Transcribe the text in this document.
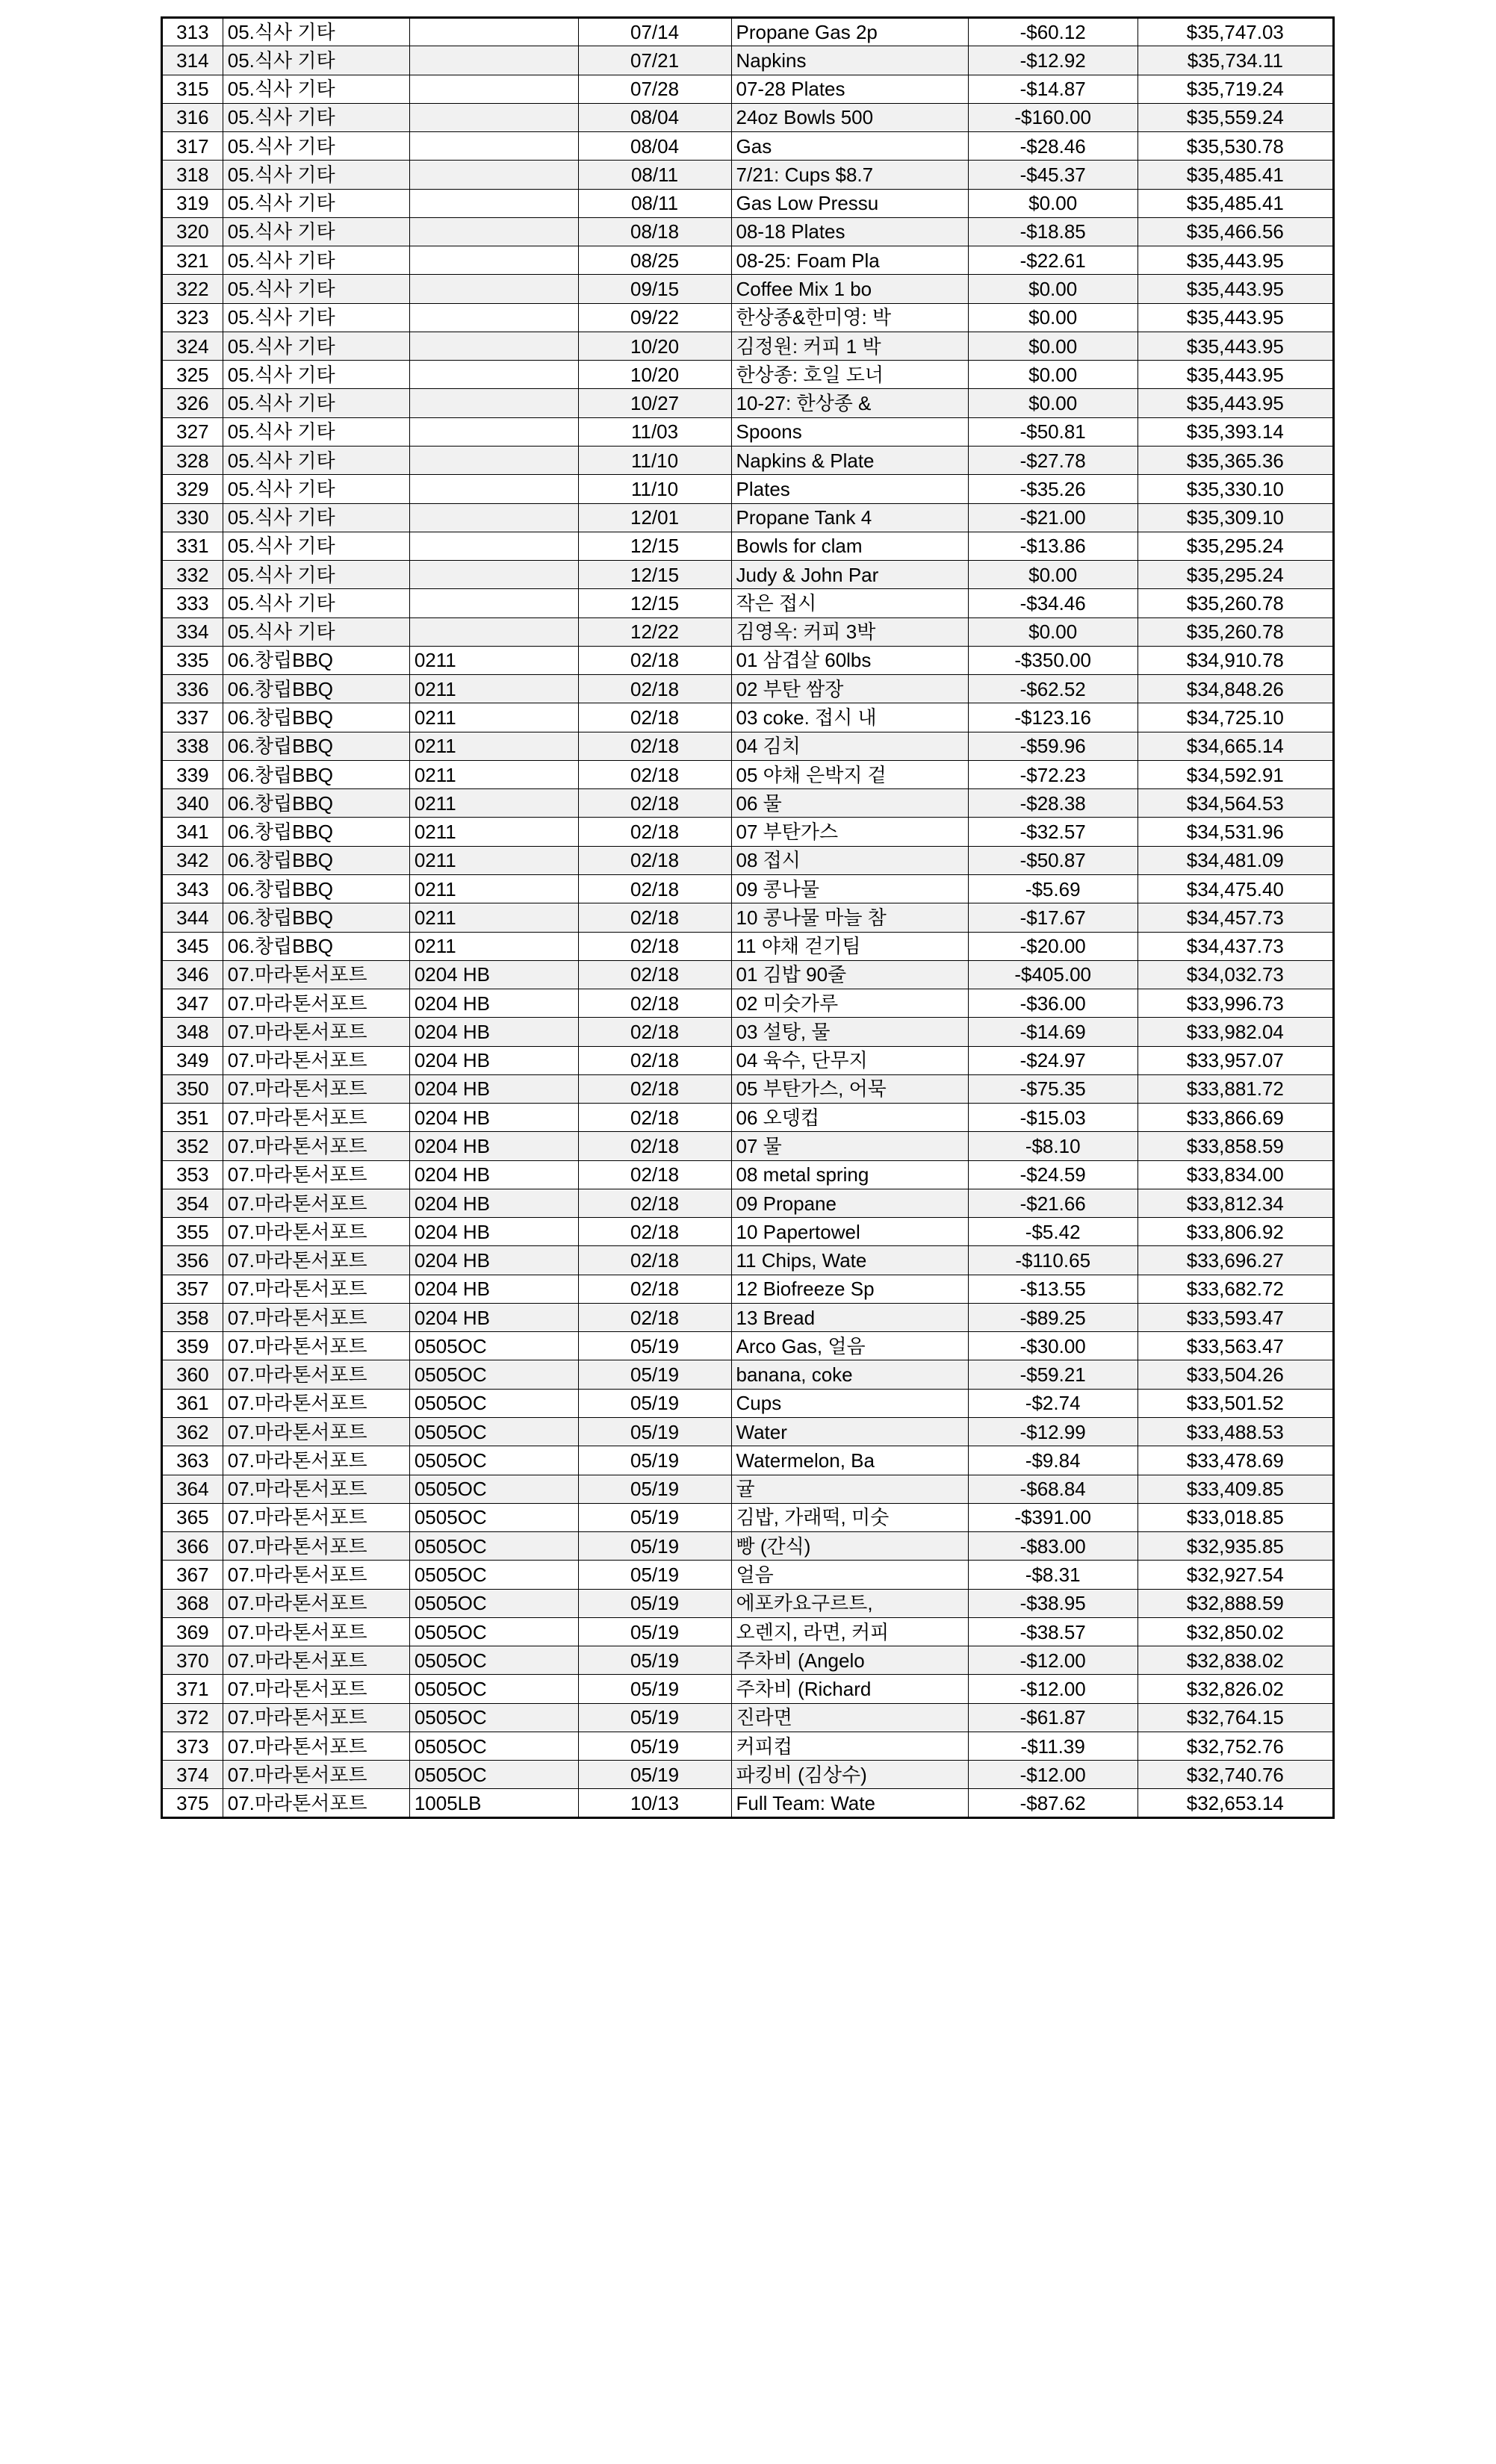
313	05.식사 기타		07/14	Propane Gas 2p	-$60.12	$35,747.03
314	05.식사 기타		07/21	Napkins	-$12.92	$35,734.11
315	05.식사 기타		07/28	07-28 Plates	-$14.87	$35,719.24
316	05.식사 기타		08/04	24oz Bowls 500	-$160.00	$35,559.24
317	05.식사 기타		08/04	Gas	-$28.46	$35,530.78
318	05.식사 기타		08/11	7/21: Cups $8.7	-$45.37	$35,485.41
319	05.식사 기타		08/11	Gas Low Pressu	$0.00	$35,485.41
320	05.식사 기타		08/18	08-18 Plates	-$18.85	$35,466.56
321	05.식사 기타		08/25	08-25: Foam Pla	-$22.61	$35,443.95
322	05.식사 기타		09/15	Coffee Mix 1 bo	$0.00	$35,443.95
323	05.식사 기타		09/22	한상종&한미영: 박	$0.00	$35,443.95
324	05.식사 기타		10/20	김정원: 커피 1 박	$0.00	$35,443.95
325	05.식사 기타		10/20	한상종: 호일 도너	$0.00	$35,443.95
326	05.식사 기타		10/27	10-27: 한상종 &	$0.00	$35,443.95
327	05.식사 기타		11/03	Spoons	-$50.81	$35,393.14
328	05.식사 기타		11/10	Napkins & Plate	-$27.78	$35,365.36
329	05.식사 기타		11/10	Plates	-$35.26	$35,330.10
330	05.식사 기타		12/01	Propane Tank 4	-$21.00	$35,309.10
331	05.식사 기타		12/15	Bowls for clam	-$13.86	$35,295.24
332	05.식사 기타		12/15	Judy & John Par	$0.00	$35,295.24
333	05.식사 기타		12/15	작은 접시	-$34.46	$35,260.78
334	05.식사 기타		12/22	김영옥: 커피 3박	$0.00	$35,260.78
335	06.창립BBQ	0211	02/18	01 삼겹살 60lbs	-$350.00	$34,910.78
336	06.창립BBQ	0211	02/18	02 부탄 쌈장	-$62.52	$34,848.26
337	06.창립BBQ	0211	02/18	03 coke. 접시 내	-$123.16	$34,725.10
338	06.창립BBQ	0211	02/18	04 김치	-$59.96	$34,665.14
339	06.창립BBQ	0211	02/18	05 야채 은박지 겉	-$72.23	$34,592.91
340	06.창립BBQ	0211	02/18	06 물	-$28.38	$34,564.53
341	06.창립BBQ	0211	02/18	07 부탄가스	-$32.57	$34,531.96
342	06.창립BBQ	0211	02/18	08 접시	-$50.87	$34,481.09
343	06.창립BBQ	0211	02/18	09 콩나물	-$5.69	$34,475.40
344	06.창립BBQ	0211	02/18	10 콩나물 마늘 참	-$17.67	$34,457.73
345	06.창립BBQ	0211	02/18	11 야채 걷기팀	-$20.00	$34,437.73
346	07.마라톤서포트	0204 HB	02/18	01 김밥 90줄	-$405.00	$34,032.73
347	07.마라톤서포트	0204 HB	02/18	02 미숫가루	-$36.00	$33,996.73
348	07.마라톤서포트	0204 HB	02/18	03 설탕, 물	-$14.69	$33,982.04
349	07.마라톤서포트	0204 HB	02/18	04 육수, 단무지	-$24.97	$33,957.07
350	07.마라톤서포트	0204 HB	02/18	05 부탄가스, 어묵	-$75.35	$33,881.72
351	07.마라톤서포트	0204 HB	02/18	06 오뎅컵	-$15.03	$33,866.69
352	07.마라톤서포트	0204 HB	02/18	07 물	-$8.10	$33,858.59
353	07.마라톤서포트	0204 HB	02/18	08 metal spring	-$24.59	$33,834.00
354	07.마라톤서포트	0204 HB	02/18	09 Propane	-$21.66	$33,812.34
355	07.마라톤서포트	0204 HB	02/18	10 Papertowel	-$5.42	$33,806.92
356	07.마라톤서포트	0204 HB	02/18	11 Chips, Wate	-$110.65	$33,696.27
357	07.마라톤서포트	0204 HB	02/18	12 Biofreeze Sp	-$13.55	$33,682.72
358	07.마라톤서포트	0204 HB	02/18	13 Bread	-$89.25	$33,593.47
359	07.마라톤서포트	0505OC	05/19	Arco Gas, 얼음	-$30.00	$33,563.47
360	07.마라톤서포트	0505OC	05/19	banana, coke	-$59.21	$33,504.26
361	07.마라톤서포트	0505OC	05/19	Cups	-$2.74	$33,501.52
362	07.마라톤서포트	0505OC	05/19	Water	-$12.99	$33,488.53
363	07.마라톤서포트	0505OC	05/19	Watermelon, Ba	-$9.84	$33,478.69
364	07.마라톤서포트	0505OC	05/19	귤	-$68.84	$33,409.85
365	07.마라톤서포트	0505OC	05/19	김밥, 가래떡, 미숫	-$391.00	$33,018.85
366	07.마라톤서포트	0505OC	05/19	빵 (간식)	-$83.00	$32,935.85
367	07.마라톤서포트	0505OC	05/19	얼음	-$8.31	$32,927.54
368	07.마라톤서포트	0505OC	05/19	에포카요구르트,	-$38.95	$32,888.59
369	07.마라톤서포트	0505OC	05/19	오렌지, 라면, 커피	-$38.57	$32,850.02
370	07.마라톤서포트	0505OC	05/19	주차비 (Angelo	-$12.00	$32,838.02
371	07.마라톤서포트	0505OC	05/19	주차비 (Richard	-$12.00	$32,826.02
372	07.마라톤서포트	0505OC	05/19	진라면	-$61.87	$32,764.15
373	07.마라톤서포트	0505OC	05/19	커피컵	-$11.39	$32,752.76
374	07.마라톤서포트	0505OC	05/19	파킹비 (김상수)	-$12.00	$32,740.76
375	07.마라톤서포트	1005LB	10/13	Full Team: Wate	-$87.62	$32,653.14
